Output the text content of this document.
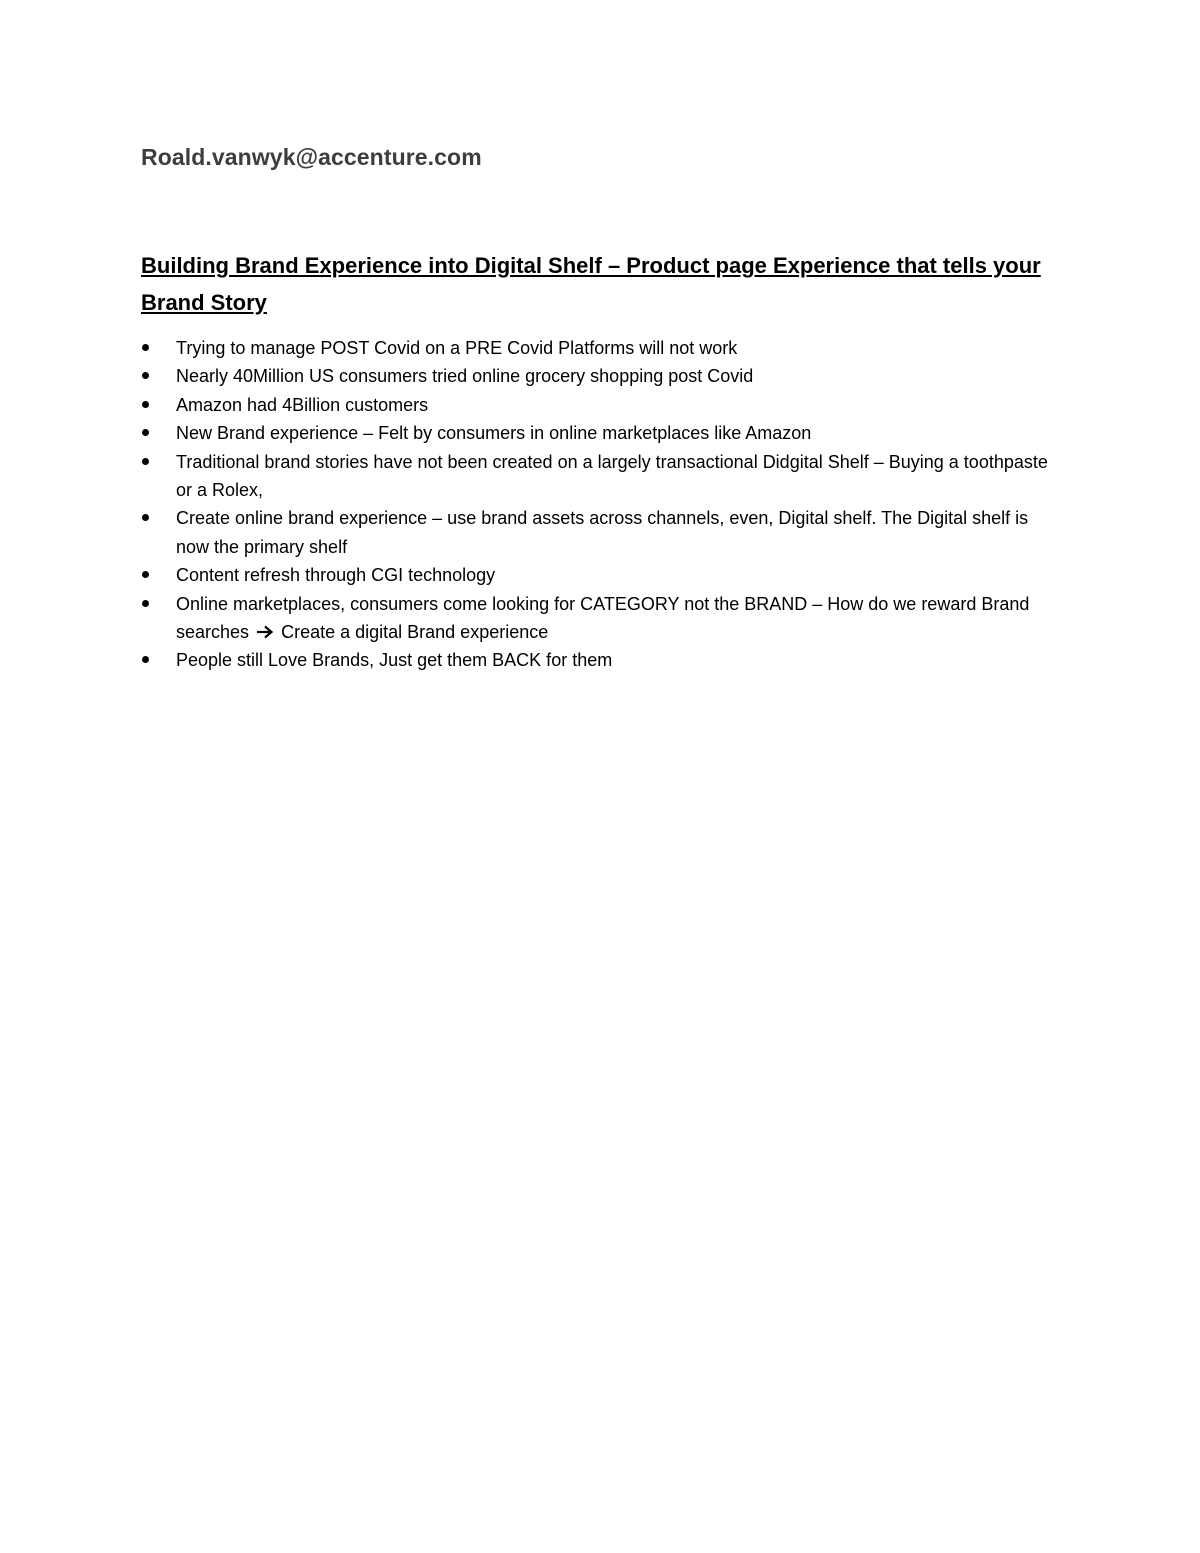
Roald.vanwyk@accenture.com
Building Brand Experience into Digital Shelf – Product page Experience that tells your Brand Story
Trying to manage POST Covid on a PRE Covid Platforms will not work
Nearly 40Million US consumers tried online grocery shopping post Covid
Amazon had 4Billion customers
New Brand experience – Felt by consumers in online marketplaces like Amazon
Traditional brand stories have not been created on a largely transactional Didgital Shelf – Buying a toothpaste or a Rolex,
Create online brand experience – use brand assets across channels, even, Digital shelf. The Digital shelf is now the primary shelf
Content refresh through CGI technology
Online marketplaces, consumers come looking for CATEGORY not the BRAND – How do we reward Brand searches Create a digital Brand experience
People still Love Brands, Just get them BACK for them
